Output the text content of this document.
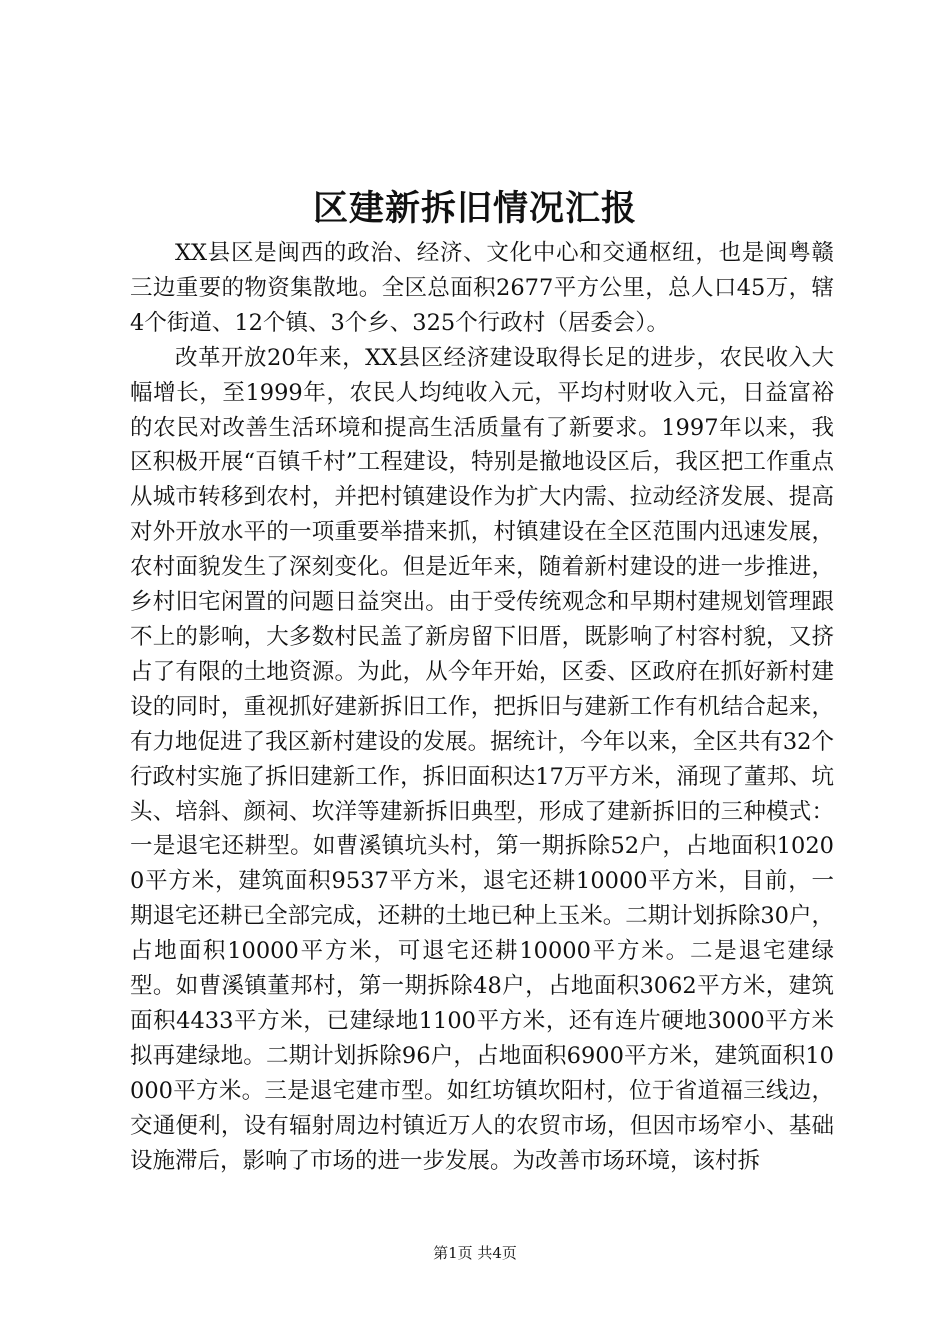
区建新拆旧情况汇报

XX县区是闽西的政治、经济、文化中心和交通枢纽，也是闽粤赣三边重要的物资集散地。全区总面积2677平方公里，总人口45万，辖4个街道、12个镇、3个乡、325个行政村（居委会）。

改革开放20年来，XX县区经济建设取得长足的进步，农民收入大幅增长，至1999年，农民人均纯收入元，平均村财收入元，日益富裕的农民对改善生活环境和提高生活质量有了新要求。1997年以来，我区积极开展“百镇千村”工程建设，特别是撤地设区后，我区把工作重点从城市转移到农村，并把村镇建设作为扩大内需、拉动经济发展、提高对外开放水平的一项重要举措来抓，村镇建设在全区范围内迅速发展，农村面貌发生了深刻变化。但是近年来，随着新村建设的进一步推进，乡村旧宅闲置的问题日益突出。由于受传统观念和早期村建规划管理跟不上的影响，大多数村民盖了新房留下旧厝，既影响了村容村貌，又挤占了有限的土地资源。为此，从今年开始，区委、区政府在抓好新村建设的同时，重视抓好建新拆旧工作，把拆旧与建新工作有机结合起来，有力地促进了我区新村建设的发展。据统计，今年以来，全区共有32个行政村实施了拆旧建新工作，拆旧面积达17万平方米，涌现了董邦、坑头、培斜、颜祠、坎洋等建新拆旧典型，形成了建新拆旧的三种模式：一是退宅还耕型。如曹溪镇坑头村，第一期拆除52户，占地面积10200平方米，建筑面积9537平方米，退宅还耕10000平方米，目前，一期退宅还耕已全部完成，还耕的土地已种上玉米。二期计划拆除30户，占地面积10000平方米，可退宅还耕10000平方米。二是退宅建绿型。如曹溪镇董邦村，第一期拆除48户，占地面积3062平方米，建筑面积4433平方米，已建绿地1100平方米，还有连片硬地3000平方米拟再建绿地。二期计划拆除96户，占地面积6900平方米，建筑面积10000平方米。三是退宅建市型。如红坊镇坎阳村，位于省道福三线边，交通便利，设有辐射周边村镇近万人的农贸市场，但因市场窄小、基础设施滞后，影响了市场的进一步发展。为改善市场环境，该村拆

第1页 共4页
